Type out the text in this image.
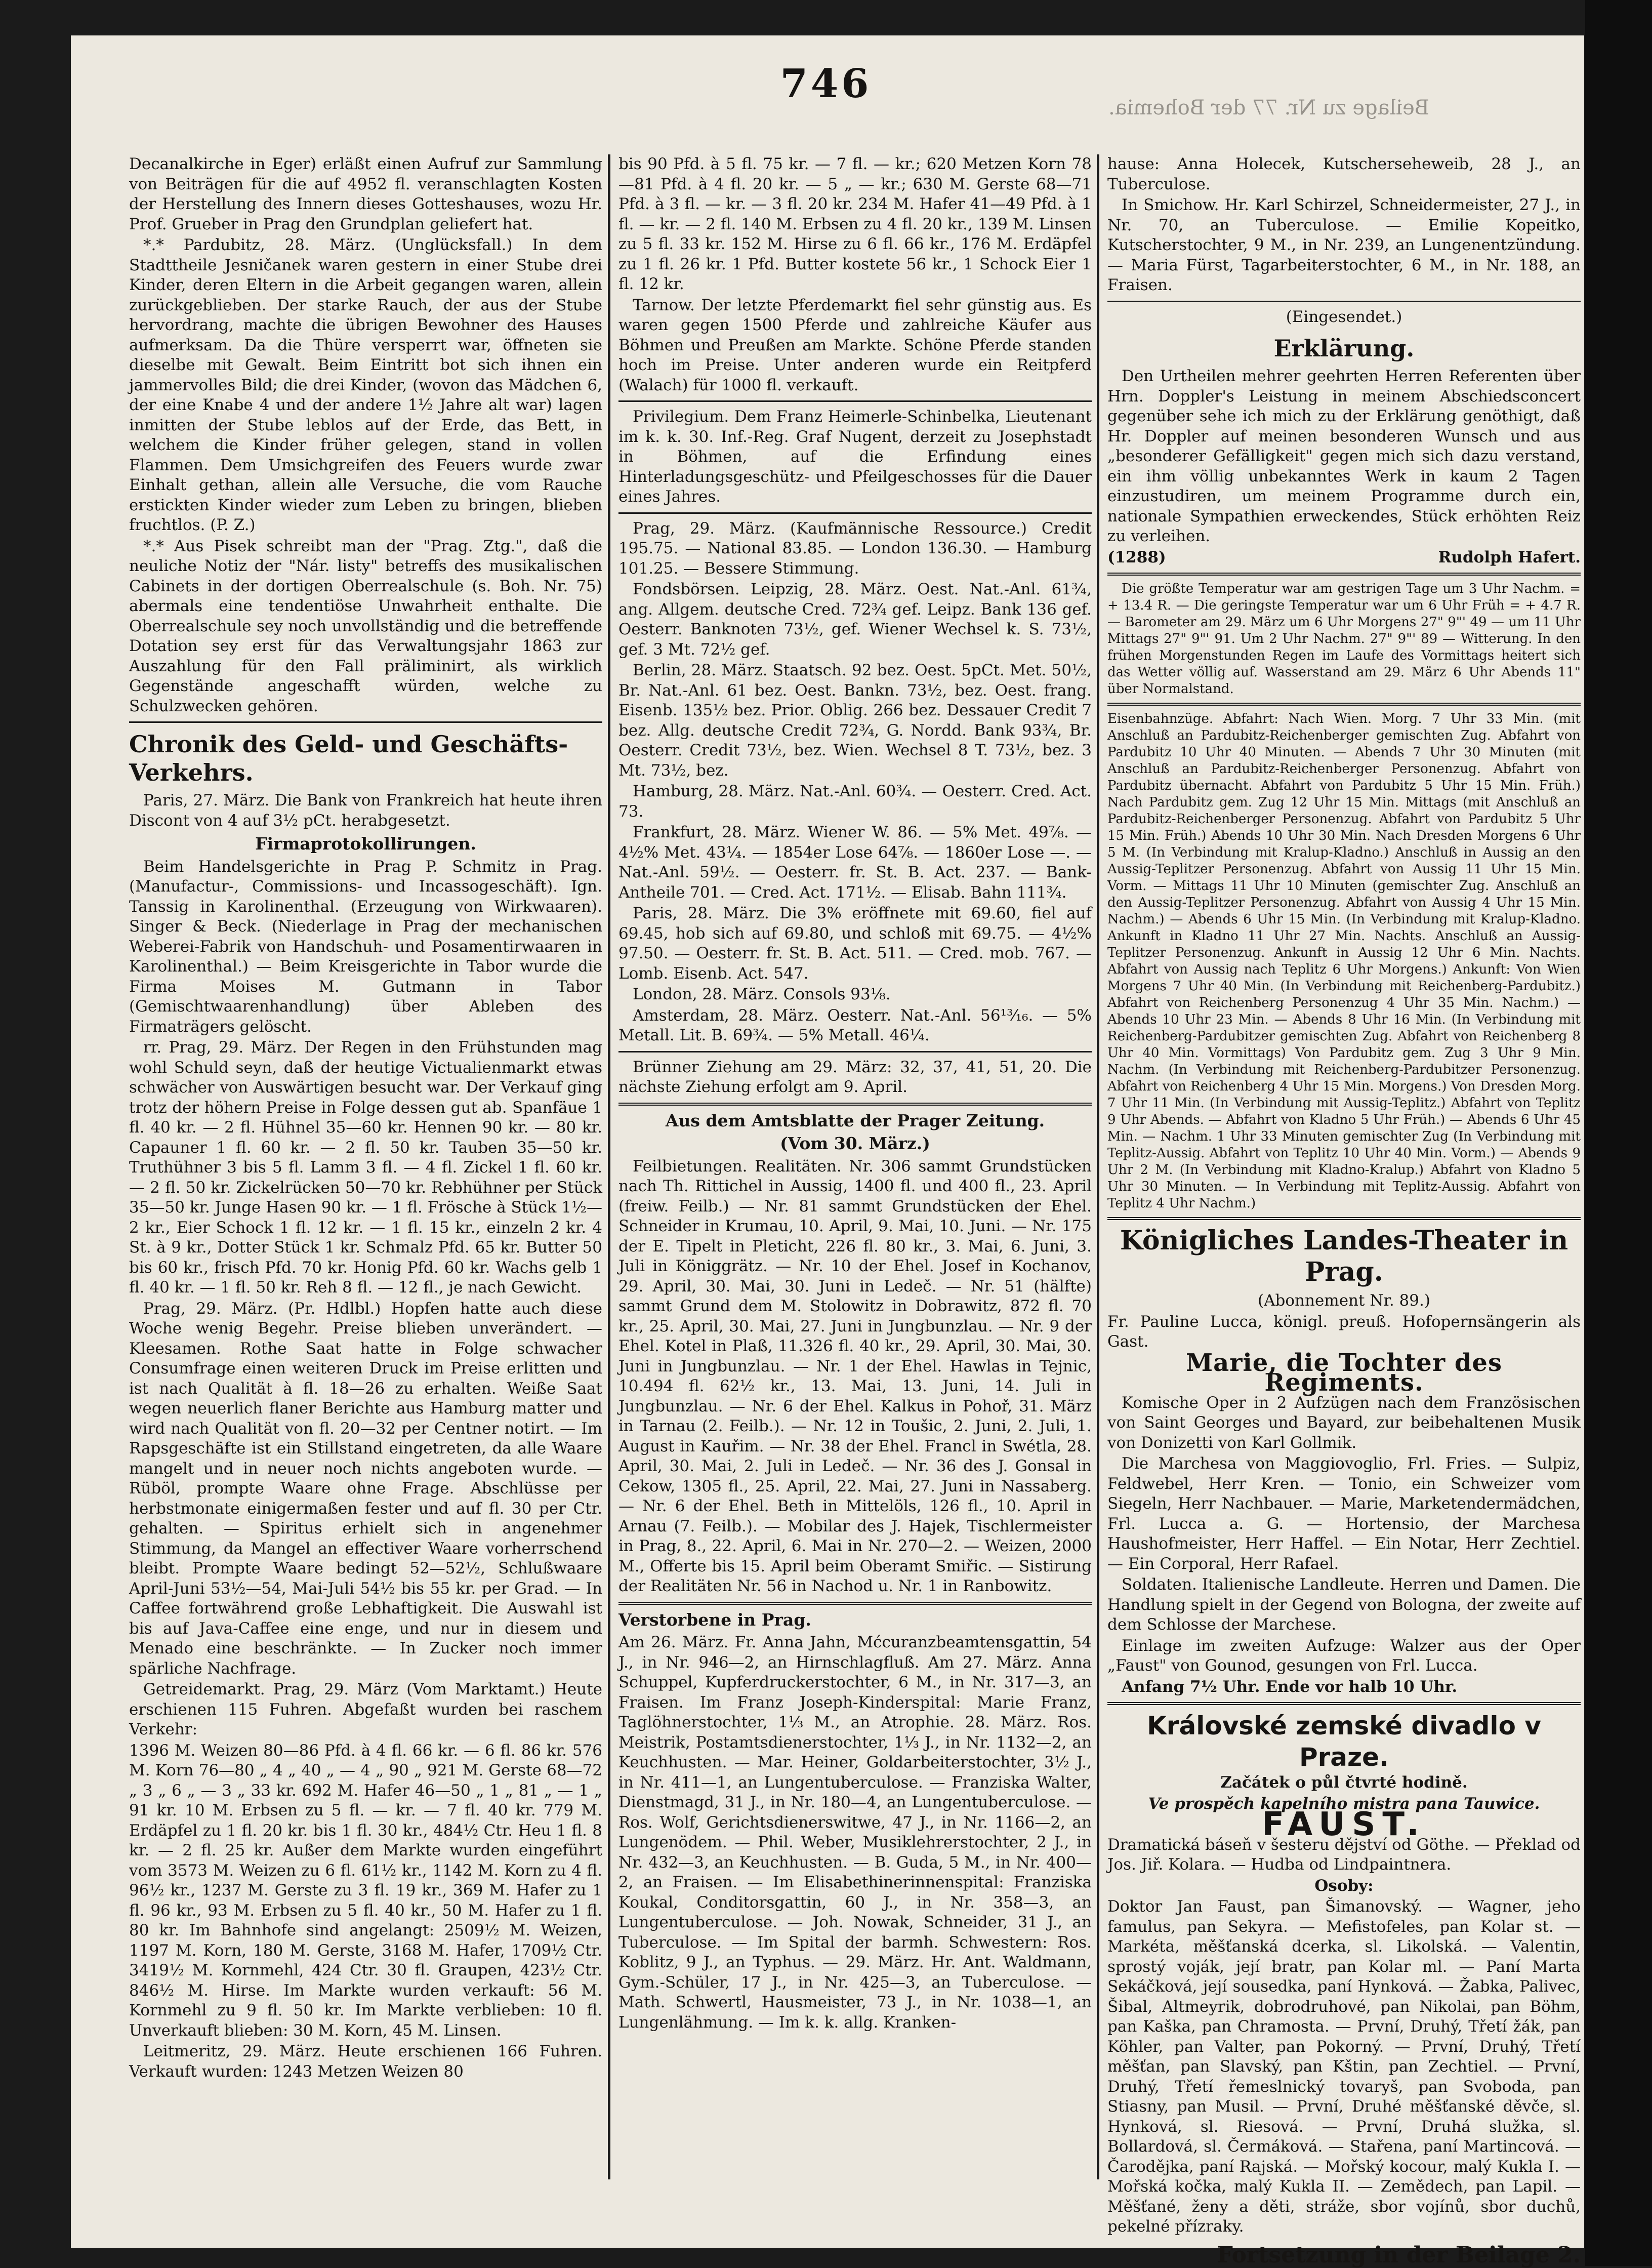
746
Beilage zu Nr. 77 der Bohemia.

Decanalkirche in Eger) erläßt einen Aufruf zur Sammlung von Beiträgen für die auf 4952 fl. veranschlagten Kosten der Herstellung des Innern dieses Gotteshauses, wozu Hr. Prof. Grueber in Prag den Grundplan geliefert hat.

*.* Pardubitz, 28. März. (Unglücksfall.) In dem Stadttheile Jesničanek waren gestern in einer Stube drei Kinder, deren Eltern in die Arbeit gegangen waren, allein zurückgeblieben. Der starke Rauch, der aus der Stube hervordrang, machte die übrigen Bewohner des Hauses aufmerksam. Da die Thüre versperrt war, öffneten sie dieselbe mit Gewalt. Beim Eintritt bot sich ihnen ein jammervolles Bild; die drei Kinder, (wovon das Mädchen 6, der eine Knabe 4 und der andere 1½ Jahre alt war) lagen inmitten der Stube leblos auf der Erde, das Bett, in welchem die Kinder früher gelegen, stand in vollen Flammen. Dem Umsichgreifen des Feuers wurde zwar Einhalt gethan, allein alle Versuche, die vom Rauche erstickten Kinder wieder zum Leben zu bringen, blieben fruchtlos. (P. Z.)

*.* Aus Pisek schreibt man der "Prag. Ztg.", daß die neuliche Notiz der "Nár. listy" betreffs des musikalischen Cabinets in der dortigen Oberrealschule (s. Boh. Nr. 75) abermals eine tendentiöse Unwahrheit enthalte. Die Oberrealschule sey noch unvollständig und die betreffende Dotation sey erst für das Verwaltungsjahr 1863 zur Auszahlung für den Fall präliminirt, als wirklich Gegenstände angeschafft würden, welche zu Schulzwecken gehören.

Chronik des Geld- und Geschäfts-Verkehrs.

Paris, 27. März. Die Bank von Frankreich hat heute ihren Discont von 4 auf 3½ pCt. herabgesetzt.

Firmaprotokollirungen.

Beim Handelsgerichte in Prag P. Schmitz in Prag. (Manufactur-, Commissions- und Incassogeschäft). Ign. Tanssig in Karolinenthal. (Erzeugung von Wirkwaaren). Singer & Beck. (Niederlage in Prag der mechanischen Weberei-Fabrik von Handschuh- und Posamentirwaaren in Karolinenthal.) — Beim Kreisgerichte in Tabor wurde die Firma Moises M. Gutmann in Tabor (Gemischtwaarenhandlung) über Ableben des Firmaträgers gelöscht.

rr. Prag, 29. März. Der Regen in den Frühstunden mag wohl Schuld seyn, daß der heutige Victualienmarkt etwas schwächer von Auswärtigen besucht war. Der Verkauf ging trotz der höhern Preise in Folge dessen gut ab. Spanfäue 1 fl. 40 kr. — 2 fl. Hühnel 35—60 kr. Hennen 90 kr. — 80 kr. Capauner 1 fl. 60 kr. — 2 fl. 50 kr. Tauben 35—50 kr. Truthühner 3 bis 5 fl. Lamm 3 fl. — 4 fl. Zickel 1 fl. 60 kr. — 2 fl. 50 kr. Zickelrücken 50—70 kr. Rebhühner per Stück 35—50 kr. Junge Hasen 90 kr. — 1 fl. Frösche à Stück 1½—2 kr., Eier Schock 1 fl. 12 kr. — 1 fl. 15 kr., einzeln 2 kr. 4 St. à 9 kr., Dotter Stück 1 kr. Schmalz Pfd. 65 kr. Butter 50 bis 60 kr., frisch Pfd. 70 kr. Honig Pfd. 60 kr. Wachs gelb 1 fl. 40 kr. — 1 fl. 50 kr. Reh 8 fl. — 12 fl., je nach Gewicht.

Prag, 29. März. (Pr. Hdlbl.) Hopfen hatte auch diese Woche wenig Begehr. Preise blieben unverändert. — Kleesamen. Rothe Saat hatte in Folge schwacher Consumfrage einen weiteren Druck im Preise erlitten und ist nach Qualität à fl. 18—26 zu erhalten. Weiße Saat wegen neuerlich flaner Berichte aus Hamburg matter und wird nach Qualität von fl. 20—32 per Centner notirt. — Im Rapsgeschäfte ist ein Stillstand eingetreten, da alle Waare mangelt und in neuer noch nichts angeboten wurde. — Rüböl, prompte Waare ohne Frage. Abschlüsse per herbstmonate einigermaßen fester und auf fl. 30 per Ctr. gehalten. — Spiritus erhielt sich in angenehmer Stimmung, da Mangel an effectiver Waare vorherrschend bleibt. Prompte Waare bedingt 52—52½, Schlußwaare April-Juni 53½—54, Mai-Juli 54½ bis 55 kr. per Grad. — In Caffee fortwährend große Lebhaftigkeit. Die Auswahl ist bis auf Java-Caffee eine enge, und nur in diesem und Menado eine beschränkte. — In Zucker noch immer spärliche Nachfrage.

Getreidemarkt. Prag, 29. März (Vom Marktamt.) Heute erschienen 115 Fuhren. Abgefaßt wurden bei raschem Verkehr:

1396 M. Weizen 80—86 Pfd. à 4 fl. 66 kr. — 6 fl. 86 kr. 576 M. Korn 76—80 „ 4 „ 40 „ — 4 „ 90 „ 921 M. Gerste 68—72 „ 3 „ 6 „ — 3 „ 33 kr. 692 M. Hafer 46—50 „ 1 „ 81 „ — 1 „ 91 kr. 10 M. Erbsen zu 5 fl. — kr. — 7 fl. 40 kr. 779 M. Erdäpfel zu 1 fl. 20 kr. bis 1 fl. 30 kr., 484½ Ctr. Heu 1 fl. 8 kr. — 2 fl. 25 kr. Außer dem Markte wurden eingeführt vom 3573 M. Weizen zu 6 fl. 61½ kr., 1142 M. Korn zu 4 fl. 96½ kr., 1237 M. Gerste zu 3 fl. 19 kr., 369 M. Hafer zu 1 fl. 96 kr., 93 M. Erbsen zu 5 fl. 40 kr., 50 M. Hafer zu 1 fl. 80 kr. Im Bahnhofe sind angelangt: 2509½ M. Weizen, 1197 M. Korn, 180 M. Gerste, 3168 M. Hafer, 1709½ Ctr. 3419½ M. Kornmehl, 424 Ctr. 30 fl. Graupen, 423½ Ctr. 846½ M. Hirse. Im Markte wurden verkauft: 56 M. Kornmehl zu 9 fl. 50 kr. Im Markte verblieben: 10 fl. Unverkauft blieben: 30 M. Korn, 45 M. Linsen.

Leitmeritz, 29. März. Heute erschienen 166 Fuhren. Verkauft wurden: 1243 Metzen Weizen 80

bis 90 Pfd. à 5 fl. 75 kr. — 7 fl. — kr.; 620 Metzen Korn 78—81 Pfd. à 4 fl. 20 kr. — 5 „ — kr.; 630 M. Gerste 68—71 Pfd. à 3 fl. — kr. — 3 fl. 20 kr. 234 M. Hafer 41—49 Pfd. à 1 fl. — kr. — 2 fl. 140 M. Erbsen zu 4 fl. 20 kr., 139 M. Linsen zu 5 fl. 33 kr. 152 M. Hirse zu 6 fl. 66 kr., 176 M. Erdäpfel zu 1 fl. 26 kr. 1 Pfd. Butter kostete 56 kr., 1 Schock Eier 1 fl. 12 kr.

Tarnow. Der letzte Pferdemarkt fiel sehr günstig aus. Es waren gegen 1500 Pferde und zahlreiche Käufer aus Böhmen und Preußen am Markte. Schöne Pferde standen hoch im Preise. Unter anderen wurde ein Reitpferd (Walach) für 1000 fl. verkauft.

Privilegium. Dem Franz Heimerle-Schinbelka, Lieutenant im k. k. 30. Inf.-Reg. Graf Nugent, derzeit zu Josephstadt in Böhmen, auf die Erfindung eines Hinterladungsgeschütz- und Pfeilgeschosses für die Dauer eines Jahres.

Prag, 29. März. (Kaufmännische Ressource.) Credit 195.75. — National 83.85. — London 136.30. — Hamburg 101.25. — Bessere Stimmung.

Fondsbörsen. Leipzig, 28. März. Oest. Nat.-Anl. 61¾, ang. Allgem. deutsche Cred. 72¾ gef. Leipz. Bank 136 gef. Oesterr. Banknoten 73½, gef. Wiener Wechsel k. S. 73½, gef. 3 Mt. 72½ gef.

Berlin, 28. März. Staatsch. 92 bez. Oest. 5pCt. Met. 50½, Br. Nat.-Anl. 61 bez. Oest. Bankn. 73½, bez. Oest. frang. Eisenb. 135½ bez. Prior. Oblig. 266 bez. Dessauer Credit 7 bez. Allg. deutsche Credit 72¾, G. Nordd. Bank 93¾, Br. Oesterr. Credit 73½, bez. Wien. Wechsel 8 T. 73½, bez. 3 Mt. 73½, bez.

Hamburg, 28. März. Nat.-Anl. 60¾. — Oesterr. Cred. Act. 73.

Frankfurt, 28. März. Wiener W. 86. — 5% Met. 49⅞. — 4½% Met. 43¼. — 1854er Lose 64⅞. — 1860er Lose —. — Nat.-Anl. 59½. — Oesterr. fr. St. B. Act. 237. — Bank-Antheile 701. — Cred. Act. 171½. — Elisab. Bahn 111¾.

Paris, 28. März. Die 3% eröffnete mit 69.60, fiel auf 69.45, hob sich auf 69.80, und schloß mit 69.75. — 4½% 97.50. — Oesterr. fr. St. B. Act. 511. — Cred. mob. 767. — Lomb. Eisenb. Act. 547.

London, 28. März. Consols 93⅛.

Amsterdam, 28. März. Oesterr. Nat.-Anl. 56¹³⁄₁₆. — 5% Metall. Lit. B. 69¾. — 5% Metall. 46¼.

Brünner Ziehung am 29. März: 32, 37, 41, 51, 20. Die nächste Ziehung erfolgt am 9. April.

Aus dem Amtsblatte der Prager Zeitung.
(Vom 30. März.)

Feilbietungen. Realitäten. Nr. 306 sammt Grundstücken nach Th. Rittichel in Aussig, 1400 fl. und 400 fl., 23. April (freiw. Feilb.) — Nr. 81 sammt Grundstücken der Ehel. Schneider in Krumau, 10. April, 9. Mai, 10. Juni. — Nr. 175 der E. Tipelt in Pleticht, 226 fl. 80 kr., 3. Mai, 6. Juni, 3. Juli in Königgrätz. — Nr. 10 der Ehel. Josef in Kochanov, 29. April, 30. Mai, 30. Juni in Ledeč. — Nr. 51 (hälfte) sammt Grund dem M. Stolowitz in Dobrawitz, 872 fl. 70 kr., 25. April, 30. Mai, 27. Juni in Jungbunzlau. — Nr. 9 der Ehel. Kotel in Plaß, 11.326 fl. 40 kr., 29. April, 30. Mai, 30. Juni in Jungbunzlau. — Nr. 1 der Ehel. Hawlas in Tejnic, 10.494 fl. 62½ kr., 13. Mai, 13. Juni, 14. Juli in Jungbunzlau. — Nr. 6 der Ehel. Kalkus in Pohoř, 31. März in Tarnau (2. Feilb.). — Nr. 12 in Toušic, 2. Juni, 2. Juli, 1. August in Kauřim. — Nr. 38 der Ehel. Francl in Swétla, 28. April, 30. Mai, 2. Juli in Ledeč. — Nr. 36 des J. Gonsal in Cekow, 1305 fl., 25. April, 22. Mai, 27. Juni in Nassaberg. — Nr. 6 der Ehel. Beth in Mittelöls, 126 fl., 10. April in Arnau (7. Feilb.). — Mobilar des J. Hajek, Tischlermeister in Prag, 8., 22. April, 6. Mai in Nr. 270—2. — Weizen, 2000 M., Offerte bis 15. April beim Oberamt Smiřic. — Sistirung der Realitäten Nr. 56 in Nachod u. Nr. 1 in Ranbowitz.

Verstorbene in Prag.

Am 26. März. Fr. Anna Jahn, Mćcuranzbeamtensgattin, 54 J., in Nr. 946—2, an Hirnschlagfluß. Am 27. März. Anna Schuppel, Kupferdruckerstochter, 6 M., in Nr. 317—3, an Fraisen. Im Franz Joseph-Kinderspital: Marie Franz, Taglöhnerstochter, 1⅓ M., an Atrophie. 28. März. Ros. Meistrik, Postamtsdienerstochter, 1⅓ J., in Nr. 1132—2, an Keuchhusten. — Mar. Heiner, Goldarbeiterstochter, 3½ J., in Nr. 411—1, an Lungentuberculose. — Franziska Walter, Dienstmagd, 31 J., in Nr. 180—4, an Lungentuberculose. — Ros. Wolf, Gerichtsdienerswitwe, 47 J., in Nr. 1166—2, an Lungenödem. — Phil. Weber, Musiklehrerstochter, 2 J., in Nr. 432—3, an Keuchhusten. — B. Guda, 5 M., in Nr. 400—2, an Fraisen. — Im Elisabethinerinnenspital: Franziska Koukal, Conditorsgattin, 60 J., in Nr. 358—3, an Lungentuberculose. — Joh. Nowak, Schneider, 31 J., an Tuberculose. — Im Spital der barmh. Schwestern: Ros. Koblitz, 9 J., an Typhus. — 29. März. Hr. Ant. Waldmann, Gym.-Schüler, 17 J., in Nr. 425—3, an Tuberculose. — Math. Schwertl, Hausmeister, 73 J., in Nr. 1038—1, an Lungenlähmung. — Im k. k. allg. Kranken-

hause: Anna Holecek, Kutscherseheweib, 28 J., an Tuberculose.

In Smichow. Hr. Karl Schirzel, Schneidermeister, 27 J., in Nr. 70, an Tuberculose. — Emilie Kopeitko, Kutscherstochter, 9 M., in Nr. 239, an Lungenentzündung. — Maria Fürst, Tagarbeiterstochter, 6 M., in Nr. 188, an Fraisen.

(Eingesendet.)

Erklärung.

Den Urtheilen mehrer geehrten Herren Referenten über Hrn. Doppler's Leistung in meinem Abschiedsconcert gegenüber sehe ich mich zu der Erklärung genöthigt, daß Hr. Doppler auf meinen besonderen Wunsch und aus „besonderer Gefälligkeit" gegen mich sich dazu verstand, ein ihm völlig unbekanntes Werk in kaum 2 Tagen einzustudiren, um meinem Programme durch ein, nationale Sympathien erweckendes, Stück erhöhten Reiz zu verleihen.

(1288)	Rudolph Hafert.

Die größte Temperatur war am gestrigen Tage um 3 Uhr Nachm. = + 13.4 R. — Die geringste Temperatur war um 6 Uhr Früh = + 4.7 R. — Barometer am 29. März um 6 Uhr Morgens 27" 9"' 49 — um 11 Uhr Mittags 27" 9"' 91. Um 2 Uhr Nachm. 27" 9"' 89 — Witterung. In den frühen Morgenstunden Regen im Laufe des Vormittags heitert sich das Wetter völlig auf. Wasserstand am 29. März 6 Uhr Abends 11" über Normalstand.

Eisenbahnzüge. Abfahrt: Nach Wien. Morg. 7 Uhr 33 Min. (mit Anschluß an Pardubitz-Reichenberger gemischten Zug. Abfahrt von Pardubitz 10 Uhr 40 Minuten. — Abends 7 Uhr 30 Minuten (mit Anschluß an Pardubitz-Reichenberger Personenzug. Abfahrt von Pardubitz übernacht. Abfahrt von Pardubitz 5 Uhr 15 Min. Früh.) Nach Pardubitz gem. Zug 12 Uhr 15 Min. Mittags (mit Anschluß an Pardubitz-Reichenberger Personenzug. Abfahrt von Pardubitz 5 Uhr 15 Min. Früh.) Abends 10 Uhr 30 Min. Nach Dresden Morgens 6 Uhr 5 M. (In Verbindung mit Kralup-Kladno.) Anschluß in Aussig an den Aussig-Teplitzer Personenzug. Abfahrt von Aussig 11 Uhr 15 Min. Vorm. — Mittags 11 Uhr 10 Minuten (gemischter Zug. Anschluß an den Aussig-Teplitzer Personenzug. Abfahrt von Aussig 4 Uhr 15 Min. Nachm.) — Abends 6 Uhr 15 Min. (In Verbindung mit Kralup-Kladno. Ankunft in Kladno 11 Uhr 27 Min. Nachts. Anschluß an Aussig-Teplitzer Personenzug. Ankunft in Aussig 12 Uhr 6 Min. Nachts. Abfahrt von Aussig nach Teplitz 6 Uhr Morgens.) Ankunft: Von Wien Morgens 7 Uhr 40 Min. (In Verbindung mit Reichenberg-Pardubitz.) Abfahrt von Reichenberg Personenzug 4 Uhr 35 Min. Nachm.) — Abends 10 Uhr 23 Min. — Abends 8 Uhr 16 Min. (In Verbindung mit Reichenberg-Pardubitzer gemischten Zug. Abfahrt von Reichenberg 8 Uhr 40 Min. Vormittags) Von Pardubitz gem. Zug 3 Uhr 9 Min. Nachm. (In Verbindung mit Reichenberg-Pardubitzer Personenzug. Abfahrt von Reichenberg 4 Uhr 15 Min. Morgens.) Von Dresden Morg. 7 Uhr 11 Min. (In Verbindung mit Aussig-Teplitz.) Abfahrt von Teplitz 9 Uhr Abends. — Abfahrt von Kladno 5 Uhr Früh.) — Abends 6 Uhr 45 Min. — Nachm. 1 Uhr 33 Minuten gemischter Zug (In Verbindung mit Teplitz-Aussig. Abfahrt von Teplitz 10 Uhr 40 Min. Vorm.) — Abends 9 Uhr 2 M. (In Verbindung mit Kladno-Kralup.) Abfahrt von Kladno 5 Uhr 30 Minuten. — In Verbindung mit Teplitz-Aussig. Abfahrt von Teplitz 4 Uhr Nachm.)

Königliches Landes-Theater in Prag.

(Abonnement Nr. 89.)

Fr. Pauline Lucca, königl. preuß. Hofopernsängerin als Gast.

Marie, die Tochter des Regiments.

Komische Oper in 2 Aufzügen nach dem Französischen von Saint Georges und Bayard, zur beibehaltenen Musik von Donizetti von Karl Gollmik.

Die Marchesa von Maggiovoglio, Frl. Fries. — Sulpiz, Feldwebel, Herr Kren. — Tonio, ein Schweizer vom Siegeln, Herr Nachbauer. — Marie, Marketendermädchen, Frl. Lucca a. G. — Hortensio, der Marchesa Haushofmeister, Herr Haffel. — Ein Notar, Herr Zechtiel. — Ein Corporal, Herr Rafael.

Soldaten. Italienische Landleute. Herren und Damen. Die Handlung spielt in der Gegend von Bologna, der zweite auf dem Schlosse der Marchese.

Einlage im zweiten Aufzuge: Walzer aus der Oper „Faust" von Gounod, gesungen von Frl. Lucca.

Anfang 7½ Uhr. Ende vor halb 10 Uhr.

Královské zemské divadlo v Praze.

Začátek o půl čtvrté hodině.

Ve prospěch kapelního mistra pana Tauwice.

FAUST.

Dramatická báseň v šesteru dějství od Göthe. — Překlad od Jos. Jiř. Kolara. — Hudba od Lindpaintnera.

Osoby:

Doktor Jan Faust, pan Šimanovský. — Wagner, jeho famulus, pan Sekyra. — Mefistofeles, pan Kolar st. — Markéta, měšťanská dcerka, sl. Likolská. — Valentin, sprostý voják, její bratr, pan Kolar ml. — Paní Marta Sekáčková, její sousedka, paní Hynková. — Žabka, Palivec, Šibal, Altmeyrik, dobrodruhové, pan Nikolai, pan Böhm, pan Kaška, pan Chramosta. — První, Druhý, Třetí žák, pan Köhler, pan Valter, pan Pokorný. — První, Druhý, Třetí měšťan, pan Slavský, pan Kštin, pan Zechtiel. — První, Druhý, Třetí řemeslnický tovaryš, pan Svoboda, pan Stiasny, pan Musil. — První, Druhé měšťanské děvče, sl. Hynková, sl. Riesová. — První, Druhá služka, sl. Bollardová, sl. Čermáková. — Stařena, paní Martincová. — Čarodějka, paní Rajská. — Mořský kocour, malý Kukla I. — Mořská kočka, malý Kukla II. — Zemědech, pan Lapil. — Měšťané, ženy a děti, stráže, sbor vojínů, sbor duchů, pekelné přízraky.

Fortsetzung in der Beilage 2.
